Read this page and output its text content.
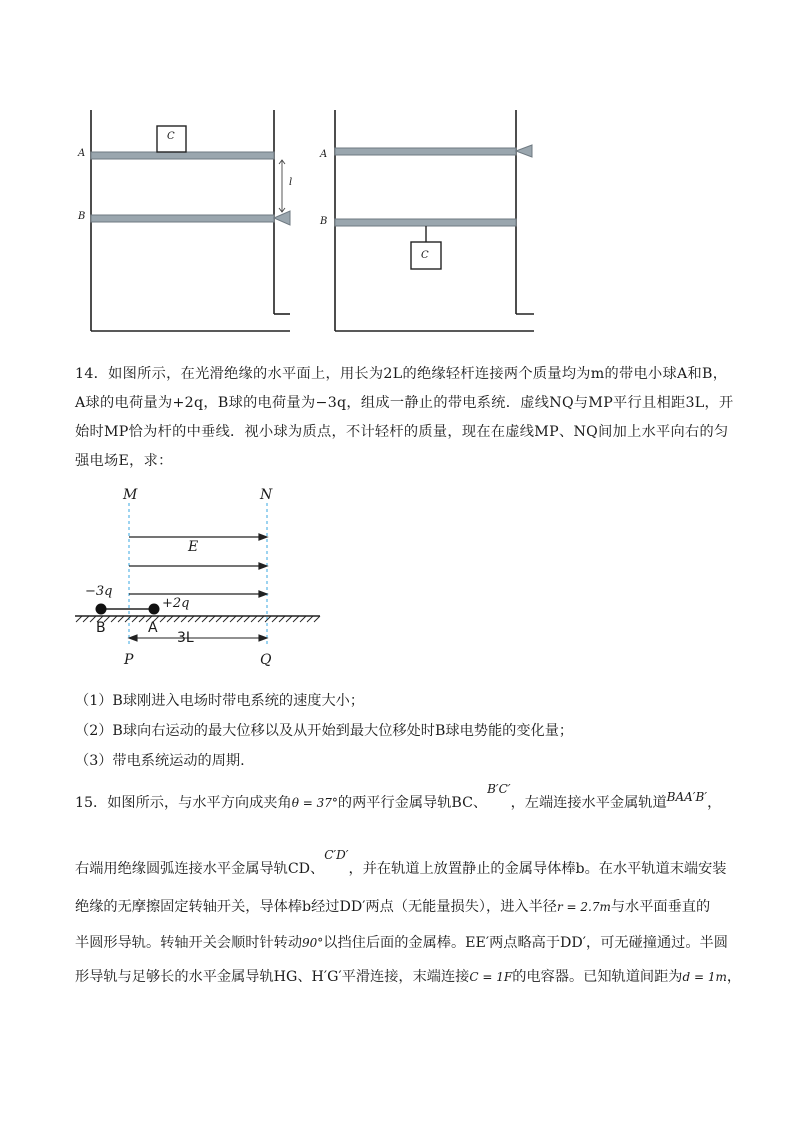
A
B
C
l
A
B
C
14．如图所示，在光滑绝缘的水平面上，用长为2L的绝缘轻杆连接两个质量均为m的带电小球A和B，A球的电荷量为+2q，B球的电荷量为−3q，组成一静止的带电系统．虚线NQ与MP平行且相距3L，开始时MP恰为杆的中垂线．视小球为质点，不计轻杆的质量，现在在虚线MP、NQ间加上水平向右的匀强电场E，求：
M	N
E
−3q
+2q
B	A
3L
P	Q
（1）B球刚进入电场时带电系统的速度大小；
（2）B球向右运动的最大位移以及从开始到最大位移处时B球电势能的变化量；
（3）带电系统运动的周期.
15．如图所示，与水平方向成夹角θ = 37°的两平行金属导轨BC、$^{B'C'}$，左端连接水平金属轨道$^{BAA'B'}$，
右端用绝缘圆弧连接水平金属导轨CD、$^{C'D'}$，并在轨道上放置静止的金属导体棒b。在水平轨道末端安装
绝缘的无摩擦固定转轴开关，导体棒b经过DD′两点（无能量损失），进入半径r = 2.7m与水平面垂直的
半圆形导轨。转轴开关会顺时针转动90°以挡住后面的金属棒。EE′两点略高于DD′，可无碰撞通过。半圆
形导轨与足够长的水平金属导轨HG、H′G′平滑连接，末端连接C = 1F的电容器。已知轨道间距为d = 1m，
